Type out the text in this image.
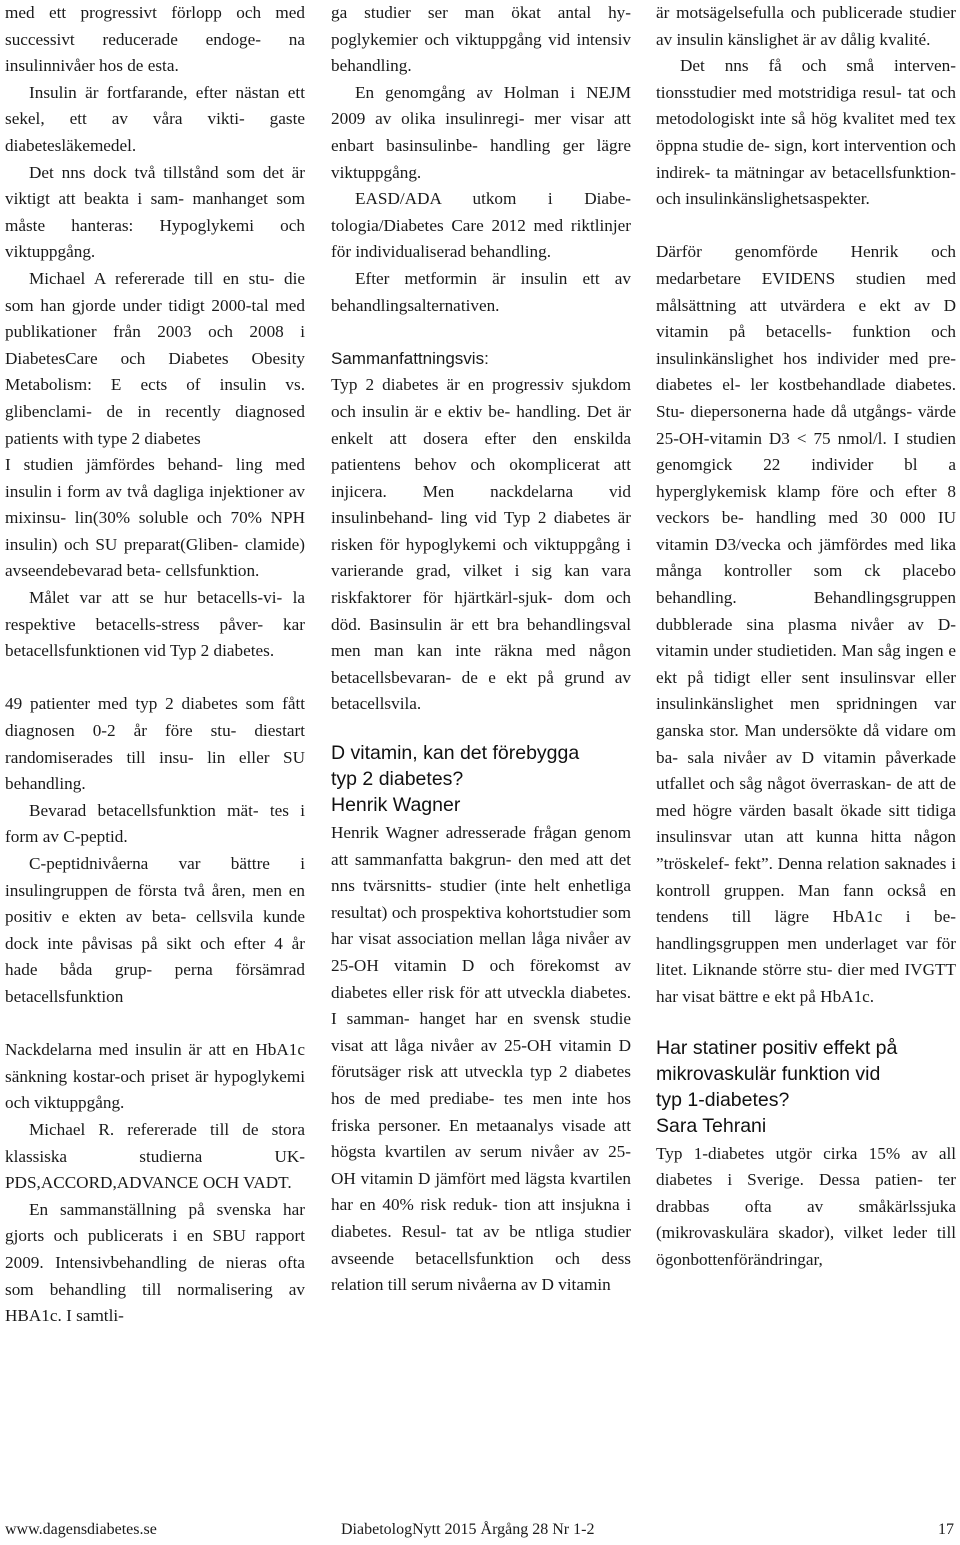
med ett progressivt förlopp och med successivt reducerade endoge- na insulinnivåer hos de esta.

Insulin är fortfarande, efter nästan ett sekel, ett av våra vikti- gaste diabetesläkemedel.

Det nns dock två tillstånd som det är viktigt att beakta i sam- manhanget som måste hanteras: Hypoglykemi och viktuppgång.

Michael A refererade till en stu- die som han gjorde under tidigt 2000-tal med publikationer från 2003 och 2008 i DiabetesCare och Diabetes Obesity Metabolism: E ects of insulin vs. glibenclami- de in recently diagnosed patients with type 2 diabetes

I studien jämfördes behand- ling med insulin i form av två dagliga injektioner av mixinsu- lin(30% soluble och 70% NPH insulin) och SU preparat(Gliben- clamide) avseendebevarad beta- cellsfunktion.

Målet var att se hur betacells-vi- la respektive betacells-stress påver- kar betacellsfunktionen vid Typ 2 diabetes.

49 patienter med typ 2 diabetes som fått diagnosen 0-2 år före stu- diestart randomiserades till insu- lin eller SU behandling.

Bevarad betacellsfunktion mät- tes i form av C-peptid.

C-peptidnivåerna var bättre i insulingruppen de första två åren, men en positiv e ekten av beta- cellsvila kunde dock inte påvisas på sikt och efter 4 år hade båda grup- perna försämrad betacellsfunktion

Nackdelarna med insulin är att en HbA1c sänkning kostar-och priset är hypoglykemi och viktuppgång.

Michael R. refererade till de stora klassiska studierna UK- PDS,ACCORD,ADVANCE OCH VADT.

En sammanställning på svenska har gjorts och publicerats i en SBU rapport 2009. Intensivbehandling de nieras ofta som behandling till normalisering av HBA1c. I samtli-

ga studier ser man ökat antal hy- poglykemier och viktuppgång vid intensiv behandling.

En genomgång av Holman i NEJM 2009 av olika insulinregi- mer visar att enbart basinsulinbe- handling ger lägre viktuppgång.

EASD/ADA utkom i Diabe- tologia/Diabetes Care 2012 med riktlinjer för individualiserad behandling.

Efter metformin är insulin ett av behandlingsalternativen.

Sammanfattningsvis:

Typ 2 diabetes är en progressiv sjukdom och insulin är e ektiv be- handling. Det är enkelt att dosera efter den enskilda patientens behov och okomplicerat att injicera. Men nackdelarna vid insulinbehand- ling vid Typ 2 diabetes är risken för hypoglykemi och viktuppgång i varierande grad, vilket i sig kan vara riskfaktorer för hjärtkärl-sjuk- dom och död. Basinsulin är ett bra behandlingsval men man kan inte räkna med någon betacellsbevaran- de e ekt på grund av betacellsvila.

D vitamin, kan det förebygga
typ 2 diabetes?
Henrik Wagner

Henrik Wagner adresserade frågan genom att sammanfatta bakgrun- den med att det nns tvärsnitts- studier (inte helt enhetliga resultat) och prospektiva kohortstudier som har visat association mellan låga nivåer av 25-OH vitamin D och förekomst av diabetes eller risk för att utveckla diabetes. I samman- hanget har en svensk studie visat att låga nivåer av 25-OH vitamin D förutsäger risk att utveckla typ 2 diabetes hos de med prediabe- tes men inte hos friska personer. En metaanalys visade att högsta kvartilen av serum nivåer av 25- OH vitamin D jämfört med lägsta kvartilen har en 40% risk reduk- tion att insjukna i diabetes. Resul- tat av be ntliga studier avseende betacellsfunktion och dess relation till serum nivåerna av D vitamin

är motsägelsefulla och publicerade studier av insulin känslighet är av dålig kvalité.

Det nns få och små interven- tionsstudier med motstridiga resul- tat och metodologiskt inte så hög kvalitet med tex öppna studie de- sign, kort intervention och indirek- ta mätningar av betacellsfunktion- och insulinkänslighetsaspekter.

Därför genomförde Henrik och medarbetare EVIDENS studien med målsättning att utvärdera e ekt av D vitamin på betacells- funktion och insulinkänslighet hos individer med pre-diabetes el- ler kostbehandlade diabetes. Stu- diepersonerna hade då utgångs- värde 25-OH-vitamin D3 < 75 nmol/l. I studien genomgick 22 individer bl a hyperglykemisk klamp före och efter 8 veckors be- handling med 30 000 IU vitamin D3/vecka och jämfördes med lika många kontroller som ck placebo behandling. Behandlingsgruppen dubblerade sina plasma nivåer av D-vitamin under studietiden. Man såg ingen e ekt på tidigt eller sent insulinsvar eller insulinkänslighet men spridningen var ganska stor. Man undersökte då vidare om ba- sala nivåer av D vitamin påverkade utfallet och såg något överraskan- de att de med högre värden basalt ökade sitt tidiga insulinsvar utan att kunna hitta någon ”tröskelef- fekt”. Denna relation saknades i kontroll gruppen. Man fann också en tendens till lägre HbA1c i be- handlingsgruppen men underlaget var för litet. Liknande större stu- dier med IVGTT har visat bättre e ekt på HbA1c.

Har statiner positiv effekt på
mikrovaskulär funktion vid
typ 1-diabetes?
Sara Tehrani

Typ 1-diabetes utgör cirka 15% av all diabetes i Sverige. Dessa patien- ter drabbas ofta av småkärlssjuka (mikrovaskulära skador), vilket leder till ögonbottenförändringar,

www.dagensdiabetes.se	DiabetologNytt 2015 Årgång 28 Nr 1-2	17
